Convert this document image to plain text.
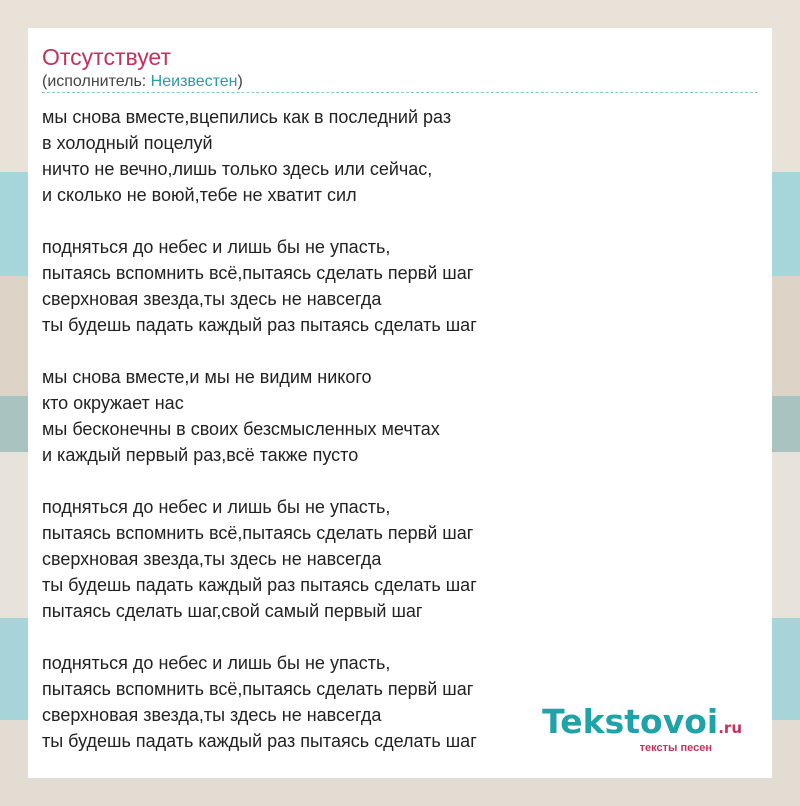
Отсутствует
(исполнитель: Неизвестен)
мы снова вместе,вцепились как в последний раз
в холодный поцелуй
ничто не вечно,лишь только здесь или сейчас,
и сколько не воюй,тебе не хватит сил
подняться до небес и лишь бы не упасть,
пытаясь вспомнить всё,пытаясь сделать первй шаг
сверхновая звезда,ты здесь не навсегда
ты будешь падать каждый раз пытаясь сделать шаг
мы снова вместе,и мы не видим никого
кто окружает нас
мы бесконечны в своих безсмысленных мечтах
и каждый первый раз,всё также пусто
подняться до небес и лишь бы не упасть,
пытаясь вспомнить всё,пытаясь сделать первй шаг
сверхновая звезда,ты здесь не навсегда
ты будешь падать каждый раз пытаясь сделать шаг
пытаясь сделать шаг,свой самый первый шаг
подняться до небес и лишь бы не упасть,
пытаясь вспомнить всё,пытаясь сделать первй шаг
сверхновая звезда,ты здесь не навсегда
ты будешь падать каждый раз пытаясь сделать шаг	Tekstovoi.ru
тексты песен
